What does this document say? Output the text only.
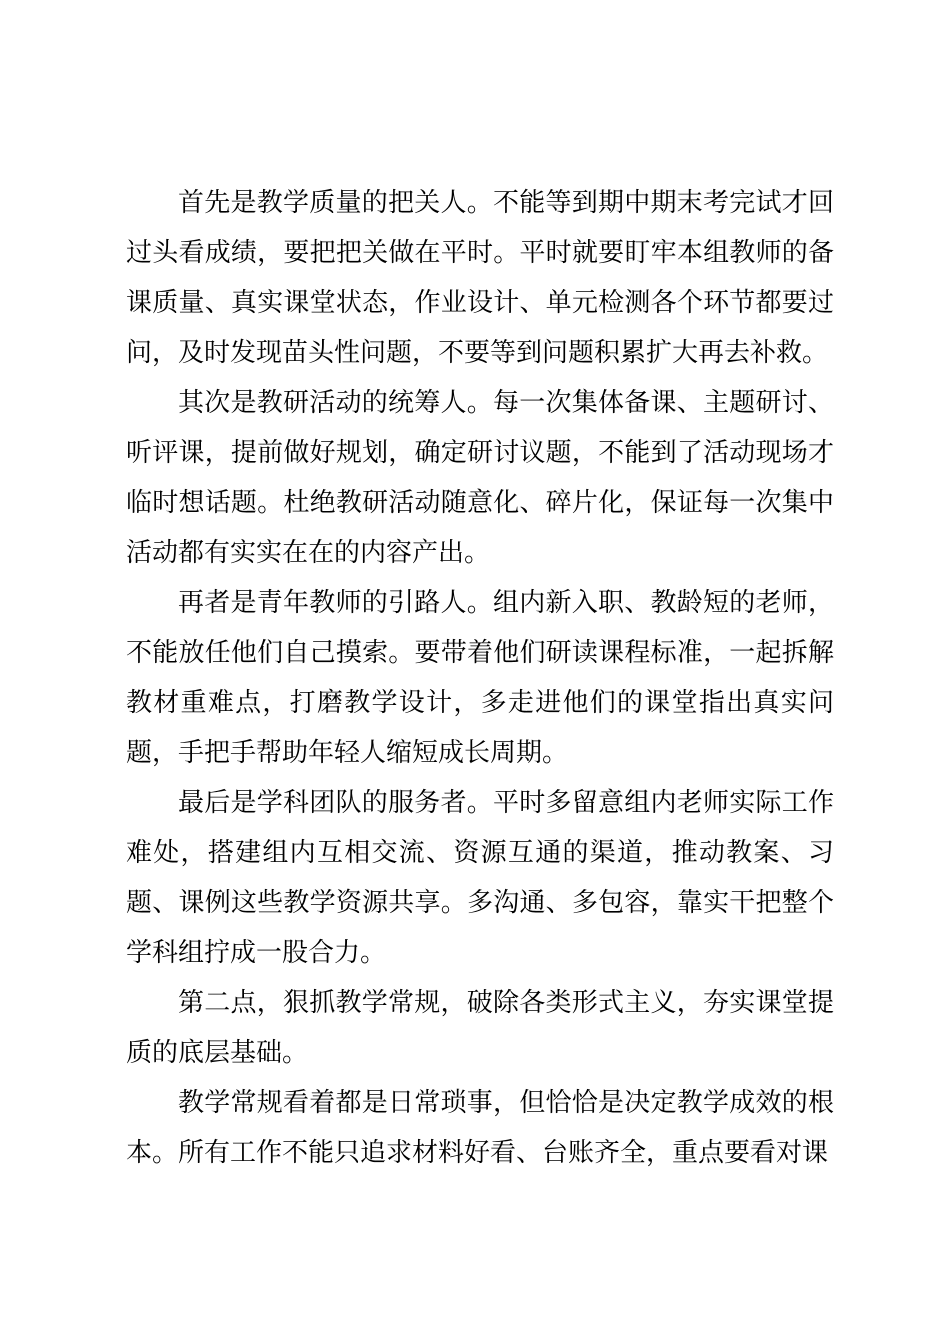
首先是教学质量的把关人。不能等到期中期末考完试才回过头看成绩，要把把关做在平时。平时就要盯牢本组教师的备课质量、真实课堂状态，作业设计、单元检测各个环节都要过问，及时发现苗头性问题，不要等到问题积累扩大再去补救。

其次是教研活动的统筹人。每一次集体备课、主题研讨、听评课，提前做好规划，确定研讨议题，不能到了活动现场才临时想话题。杜绝教研活动随意化、碎片化，保证每一次集中活动都有实实在在的内容产出。

再者是青年教师的引路人。组内新入职、教龄短的老师，不能放任他们自己摸索。要带着他们研读课程标准，一起拆解教材重难点，打磨教学设计，多走进他们的课堂指出真实问题，手把手帮助年轻人缩短成长周期。

最后是学科团队的服务者。平时多留意组内老师实际工作难处，搭建组内互相交流、资源互通的渠道，推动教案、习题、课例这些教学资源共享。多沟通、多包容，靠实干把整个学科组拧成一股合力。

第二点，狠抓教学常规，破除各类形式主义，夯实课堂提质的底层基础。

教学常规看着都是日常琐事，但恰恰是决定教学成效的根本。所有工作不能只追求材料好看、台账齐全，重点要看对课
